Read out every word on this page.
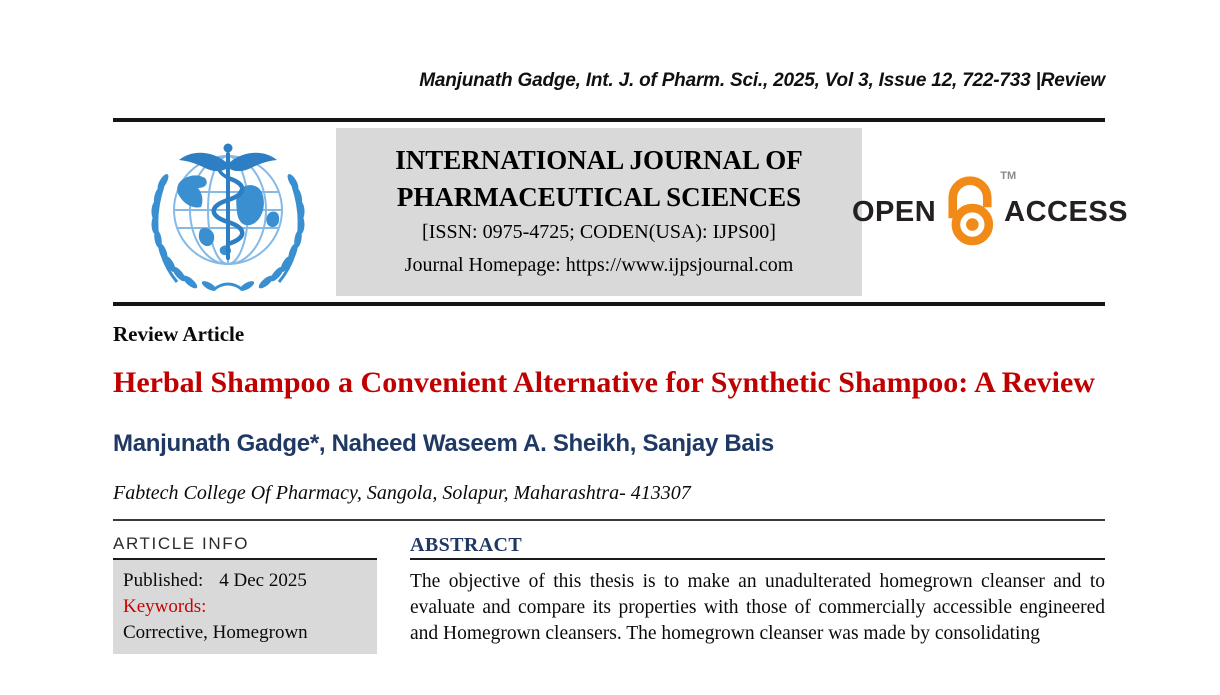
Manjunath Gadge, Int. J. of Pharm. Sci., 2025, Vol 3, Issue 12, 722-733 |Review
INTERNATIONAL JOURNAL OF
PHARMACEUTICAL SCIENCES
[ISSN: 0975-4725; CODEN(USA): IJPS00]
Journal Homepage: https://www.ijpsjournal.com
OPEN
TM
ACCESS
Review Article
Herbal Shampoo a Convenient Alternative for Synthetic Shampoo: A Review
Manjunath Gadge*, Naheed Waseem A. Sheikh, Sanjay Bais
Fabtech College Of Pharmacy, Sangola, Solapur, Maharashtra- 413307
ARTICLE INFO
Published: 4 Dec 2025
Keywords:
Corrective, Homegrown
ABSTRACT

The objective of this thesis is to make an unadulterated homegrown cleanser and to evaluate and compare its properties with those of commercially accessible engineered and Homegrown cleansers. The homegrown cleanser was made by consolidating
